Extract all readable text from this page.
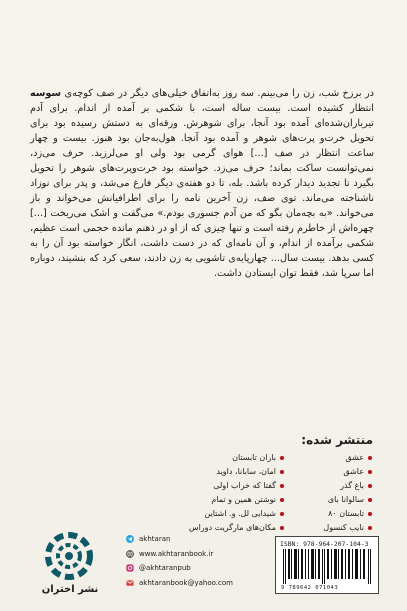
در برزخ شب، زن را می‌بینم. سه روز به‌اتفاق خیلی‌های دیگر در صف کوچه‌ی سوسه انتظار کشیده است. بیست ساله است، با شکمی بر آمده از اندام. برای آدم تیرباران‌شده‌ای آمده بود آنجا، برای شوهرش. ورقه‌ای به دستش رسیده بود برای تحویل خرت‌و پرت‌های شوهر و آمده بود آنجا. هول‌به‌جان بود هنوز. بیست و چهار ساعت انتظار در صف [...] هوای گرمی بود ولی او می‌لرزید. حرف می‌زد، نمی‌توانست ساکت بماند؛ حرف می‌زد. خواسته بود خرت‌وپرت‌های شوهر را تحویل بگیرد تا تجدید دیدار کرده باشد. بله، تا دو هفته‌ی دیگر فارغ می‌شد، و پدر برای نوزاد ناشناخته می‌ماند. توی صف، زن آخرین نامه را برای اطرافیانش می‌خواند و باز می‌خواند. «به بچه‌مان بگو که من آدم جسوری بودم.» می‌گفت و اشک می‌ریخت [...] چهره‌اش از خاطرم رفته است و تنها چیزی که از او در ذهنم مانده حجمی است عظیم، شکمی برآمده از اندام، و آن نامه‌ای که در دست داشت، انگار خواسته بود آن را به کسی بدهد. بیست سال... چهارپایه‌ی تاشویی به زن دادند، سعی کرد که بنشیند، دوباره اما سرپا شد، فقط توان ایستادن داشت.
منتشر شده:
عشق
عاشق
باغ گذر
سالوانا بای
تابستان ۸۰
نایب کنسول
باران تابستان
امان، سابانا، داوید
گفتا که خراب اولی
نوشتن همین و تمام
شیدایی لل. و. اشتاین
مکان‌های مارگریت دوراس
نشر اختران
akhtaran
www.akhtaranbook.ir
@akhtaranpub
akhtaranbook@yahoo.com
ISBN: 978-964-207-104-3
9 789642 071043
